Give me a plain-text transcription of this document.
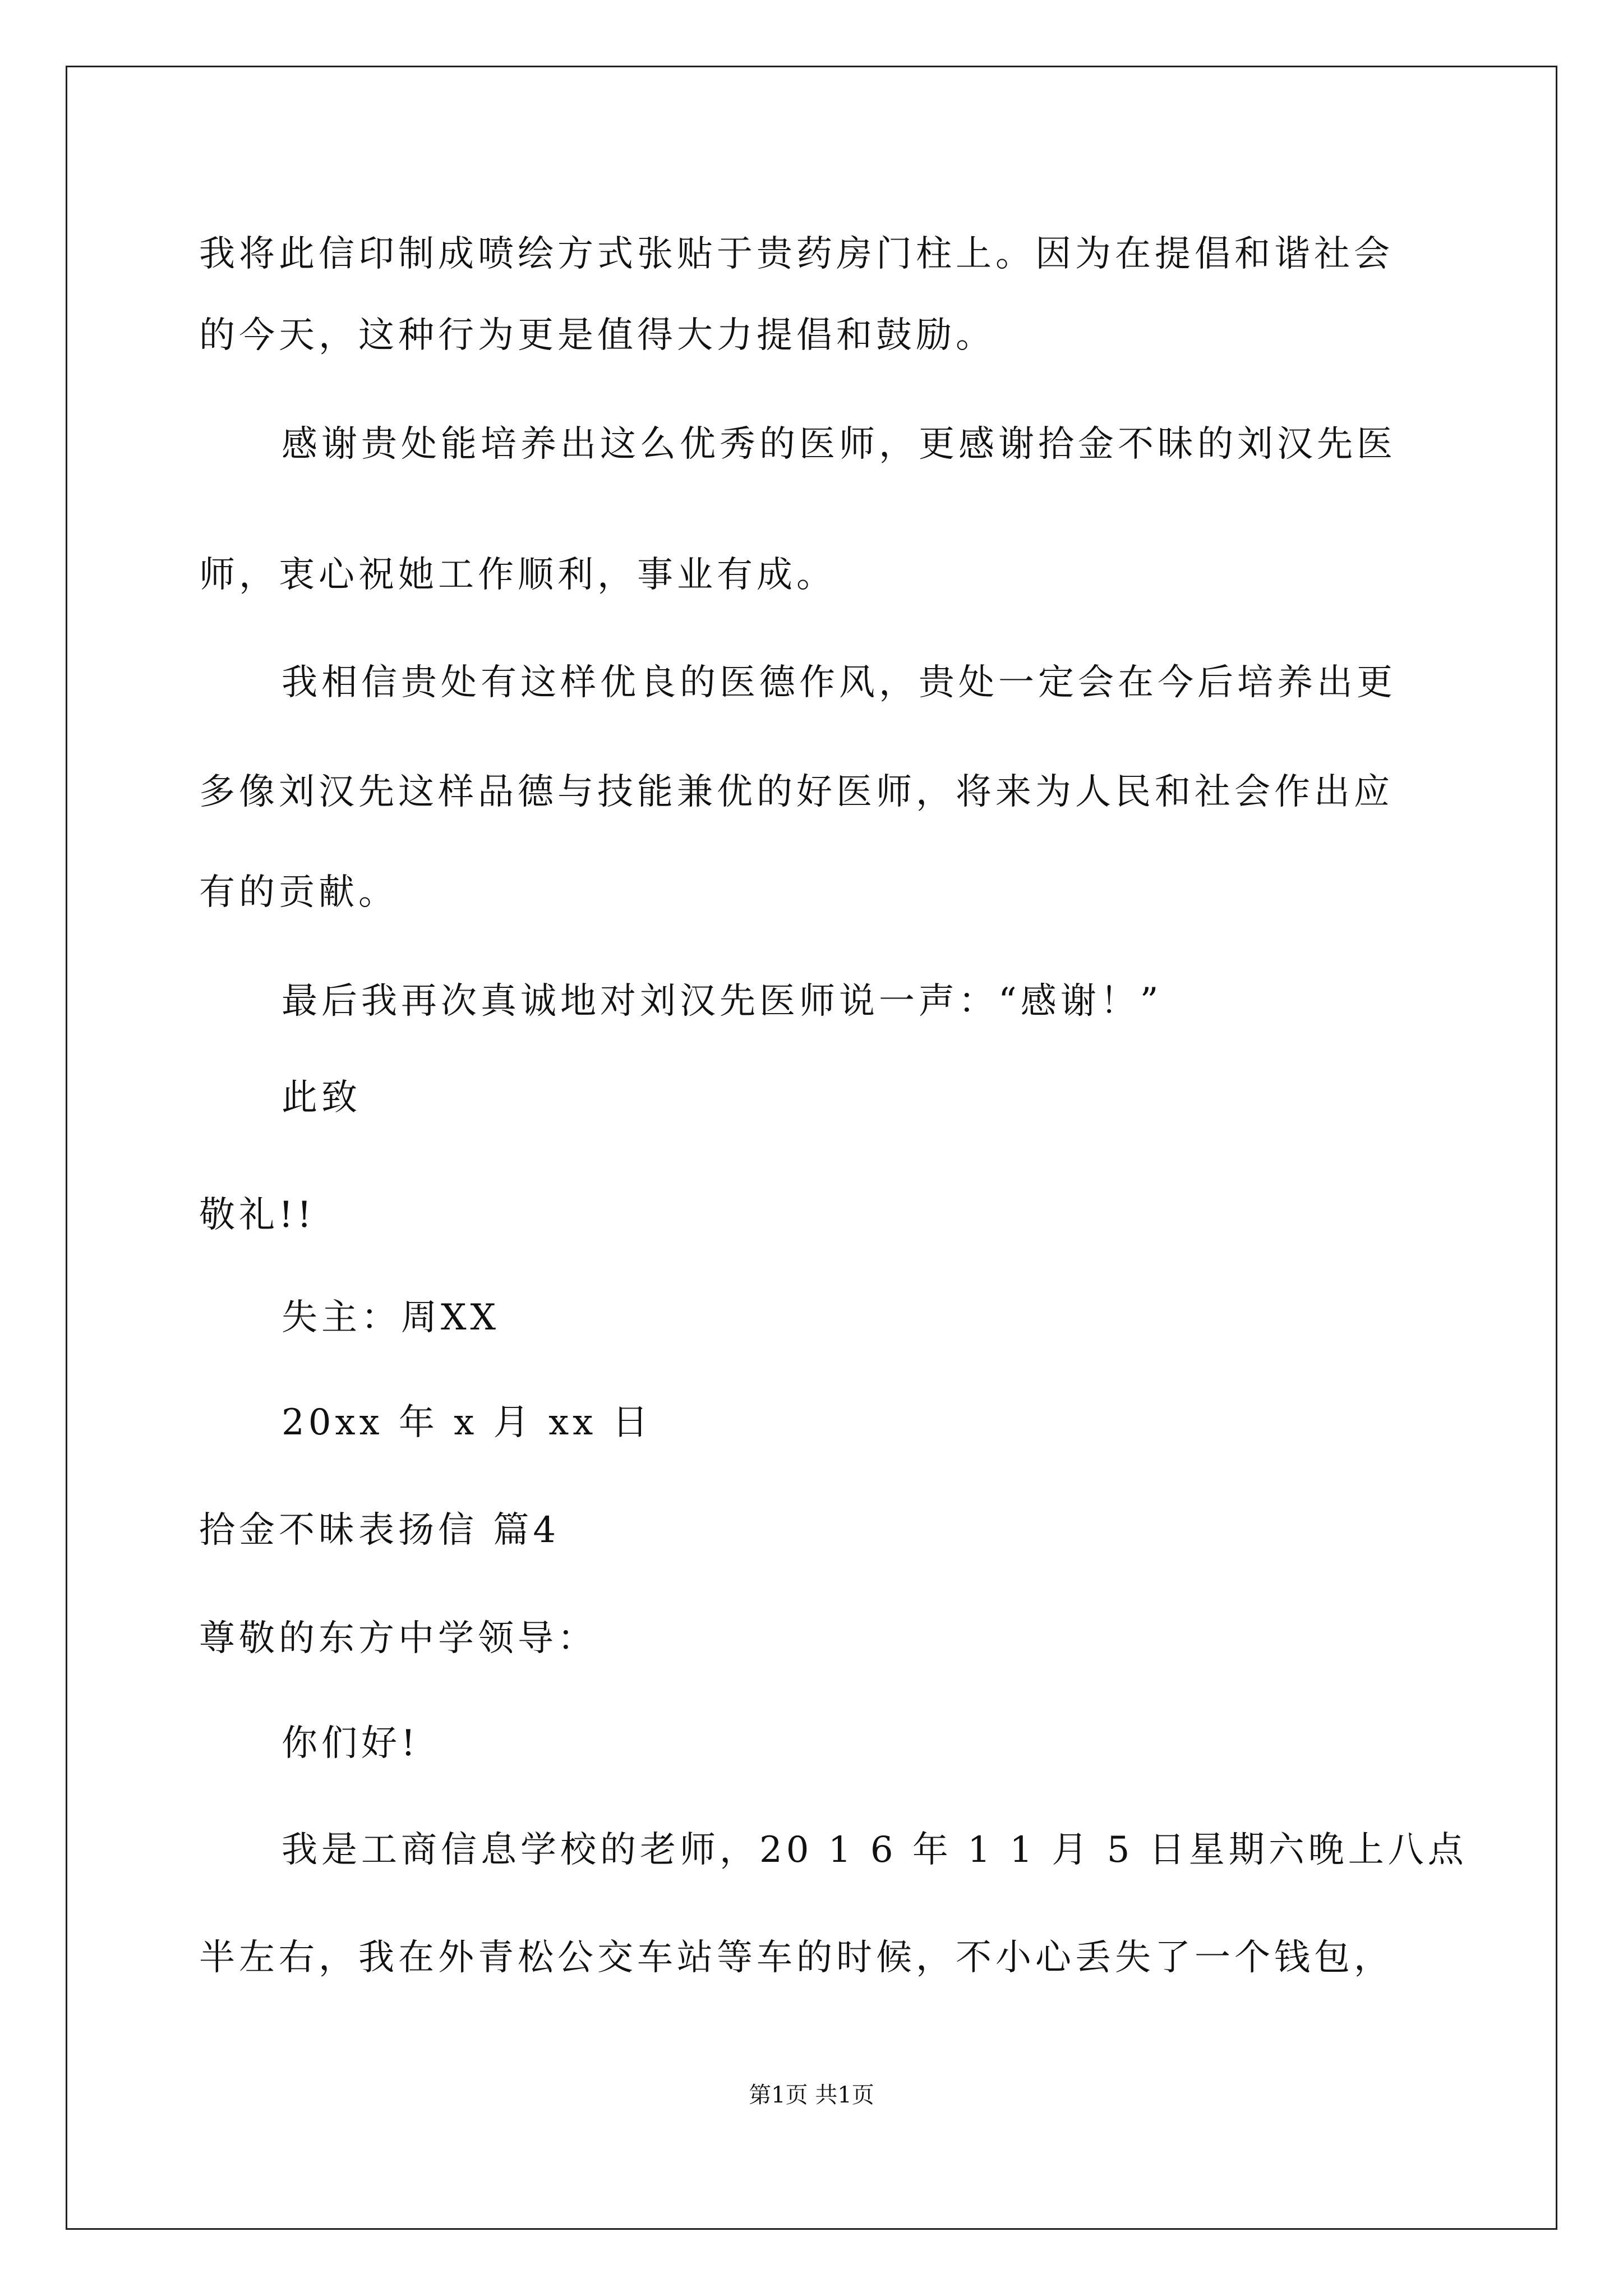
我将此信印制成喷绘方式张贴于贵药房门柱上。因为在提倡和谐社会
的今天，这种行为更是值得大力提倡和鼓励。
感谢贵处能培养出这么优秀的医师，更感谢拾金不昧的刘汉先医
师，衷心祝她工作顺利，事业有成。
我相信贵处有这样优良的医德作风，贵处一定会在今后培养出更
多像刘汉先这样品德与技能兼优的好医师，将来为人民和社会作出应
有的贡献。
最后我再次真诚地对刘汉先医师说一声：“感谢！”
此致
敬礼!!
失主：周XX
20xx 年 x 月 xx 日
拾金不昧表扬信 篇4
尊敬的东方中学领导：
你们好!
我是工商信息学校的老师，20 1 6 年 1 1 月 5 日星期六晚上八点
半左右，我在外青松公交车站等车的时候，不小心丢失了一个钱包，
第1页 共1页
